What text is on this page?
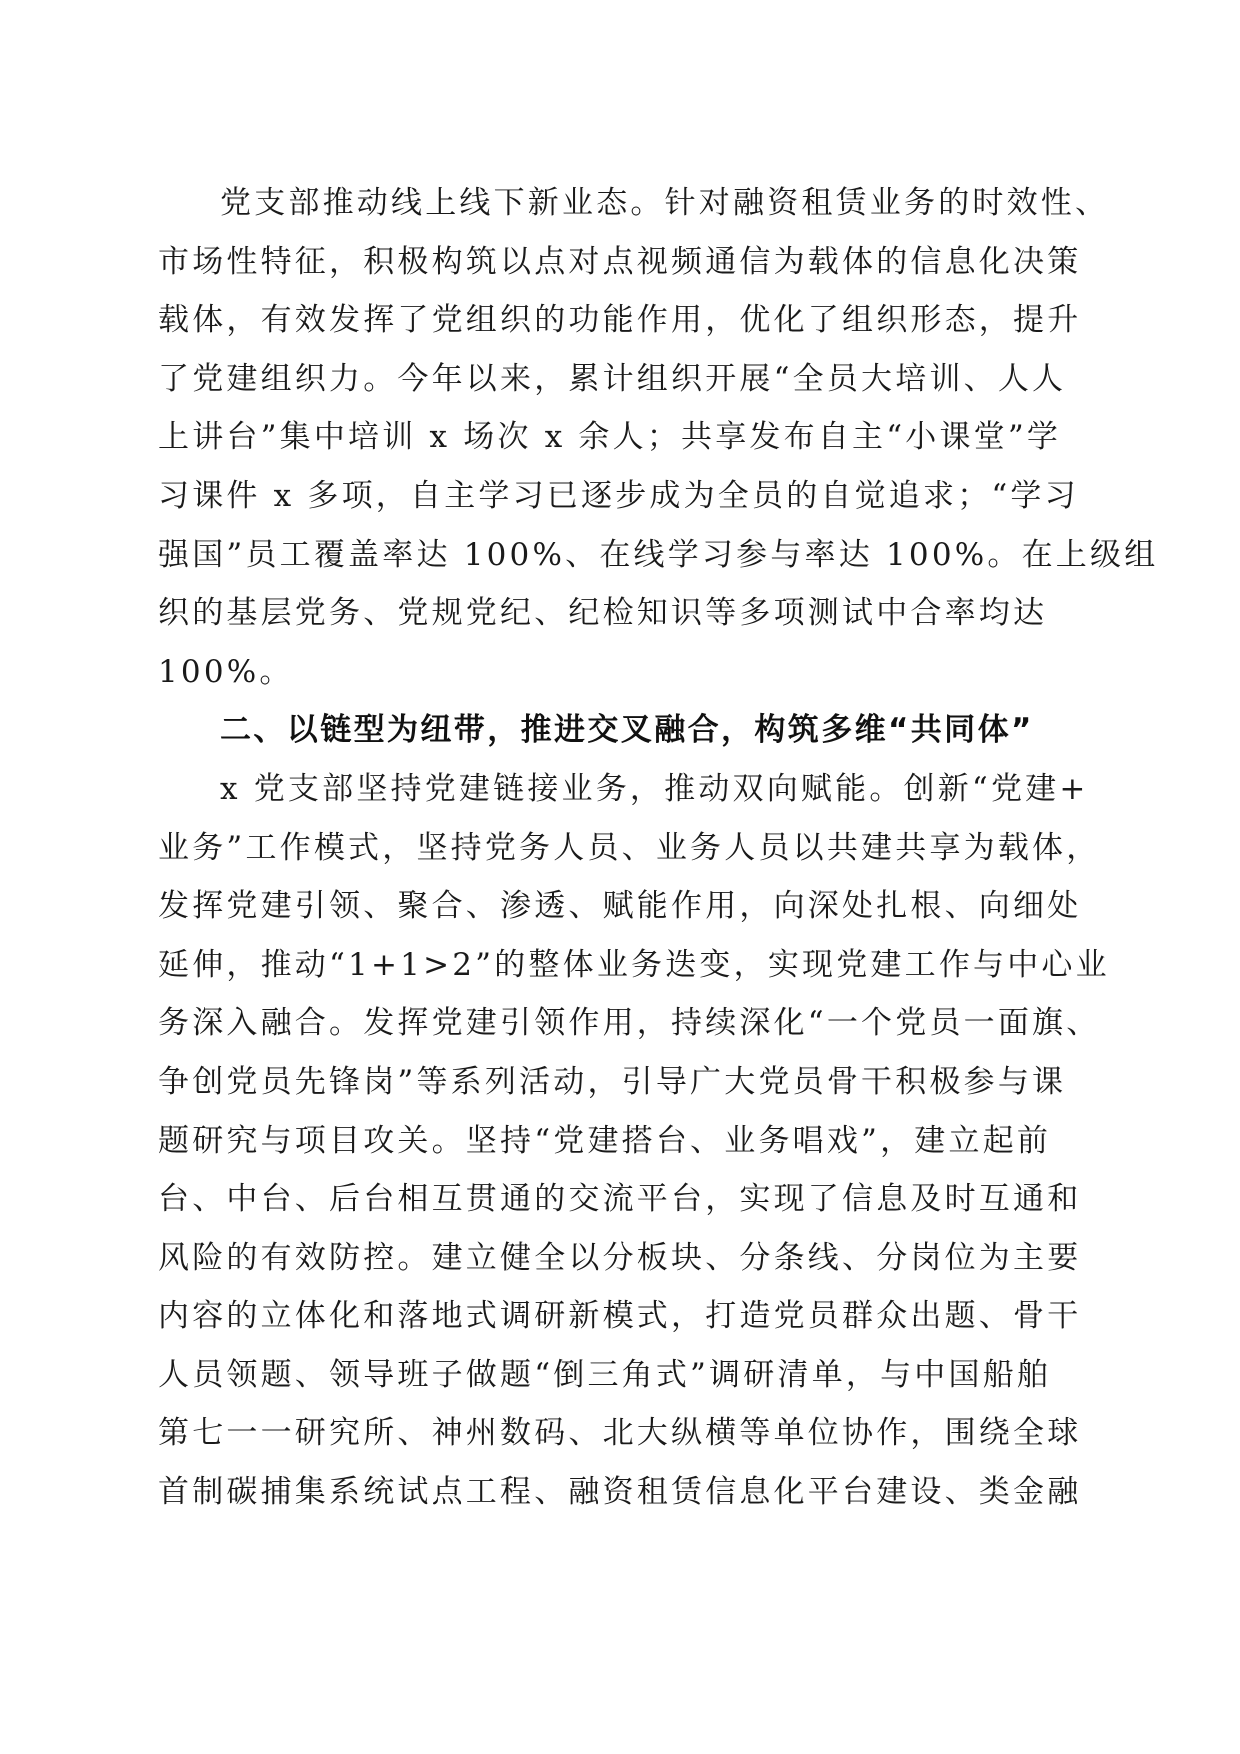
党支部推动线上线下新业态。针对融资租赁业务的时效性、
市场性特征，积极构筑以点对点视频通信为载体的信息化决策
载体，有效发挥了党组织的功能作用，优化了组织形态，提升
了党建组织力。今年以来，累计组织开展“全员大培训、人人
上讲台”集中培训 x 场次 x 余人；共享发布自主“小课堂”学
习课件 x 多项，自主学习已逐步成为全员的自觉追求；“学习
强国”员工覆盖率达 100%、在线学习参与率达 100%。在上级组
织的基层党务、党规党纪、纪检知识等多项测试中合率均达
100%。
二、以链型为纽带，推进交叉融合，构筑多维“共同体”
x 党支部坚持党建链接业务，推动双向赋能。创新“党建+
业务”工作模式，坚持党务人员、业务人员以共建共享为载体，
发挥党建引领、聚合、渗透、赋能作用，向深处扎根、向细处
延伸，推动“1+1>2”的整体业务迭变，实现党建工作与中心业
务深入融合。发挥党建引领作用，持续深化“一个党员一面旗、
争创党员先锋岗”等系列活动，引导广大党员骨干积极参与课
题研究与项目攻关。坚持“党建搭台、业务唱戏”，建立起前
台、中台、后台相互贯通的交流平台，实现了信息及时互通和
风险的有效防控。建立健全以分板块、分条线、分岗位为主要
内容的立体化和落地式调研新模式，打造党员群众出题、骨干
人员领题、领导班子做题“倒三角式”调研清单，与中国船舶
第七一一研究所、神州数码、北大纵横等单位协作，围绕全球
首制碳捕集系统试点工程、融资租赁信息化平台建设、类金融
